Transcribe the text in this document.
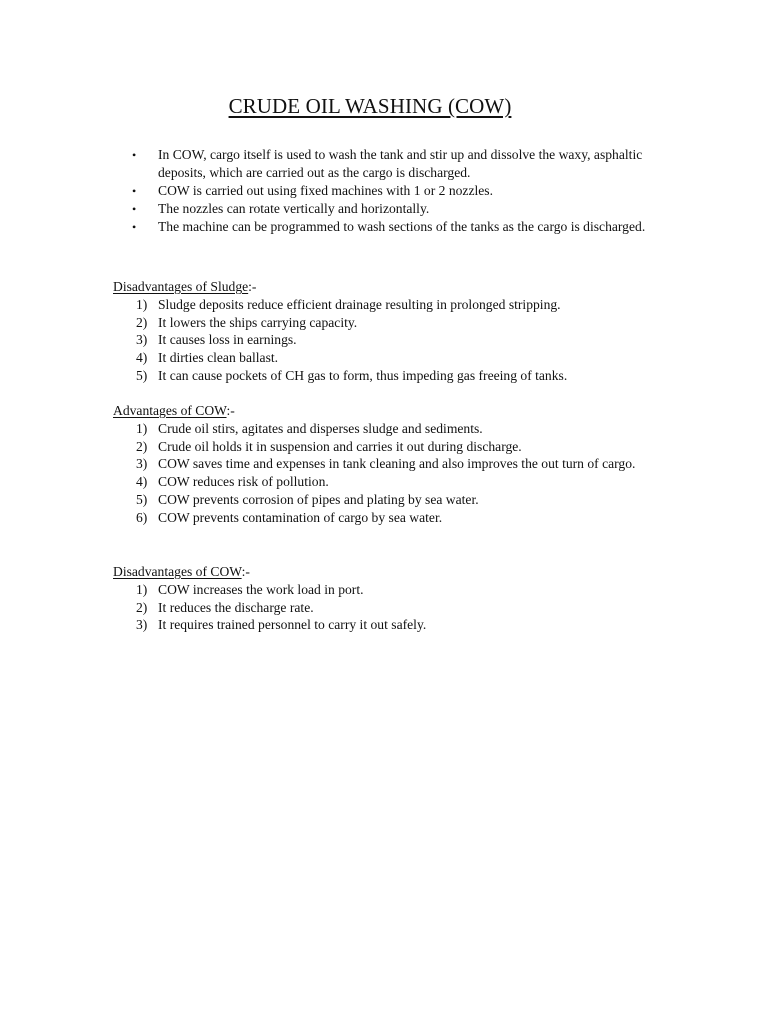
CRUDE OIL WASHING (COW)
• In COW, cargo itself is used to wash the tank and stir up and dissolve the waxy, asphaltic deposits, which are carried out as the cargo is discharged.
• COW is carried out using fixed machines with 1 or 2 nozzles.
• The nozzles can rotate vertically and horizontally.
• The machine can be programmed to wash sections of the tanks as the cargo is discharged.

Disadvantages of Sludge:-

1) Sludge deposits reduce efficient drainage resulting in prolonged stripping.
2) It lowers the ships carrying capacity.
3) It causes loss in earnings.
4) It dirties clean ballast.
5) It can cause pockets of CH gas to form, thus impeding gas freeing of tanks.

Advantages of COW:-

1) Crude oil stirs, agitates and disperses sludge and sediments.
2) Crude oil holds it in suspension and carries it out during discharge.
3) COW saves time and expenses in tank cleaning and also improves the out turn of cargo.
4) COW reduces risk of pollution.
5) COW prevents corrosion of pipes and plating by sea water.
6) COW prevents contamination of cargo by sea water.

Disadvantages of COW:-

1) COW increases the work load in port.
2) It reduces the discharge rate.
3) It requires trained personnel to carry it out safely.
